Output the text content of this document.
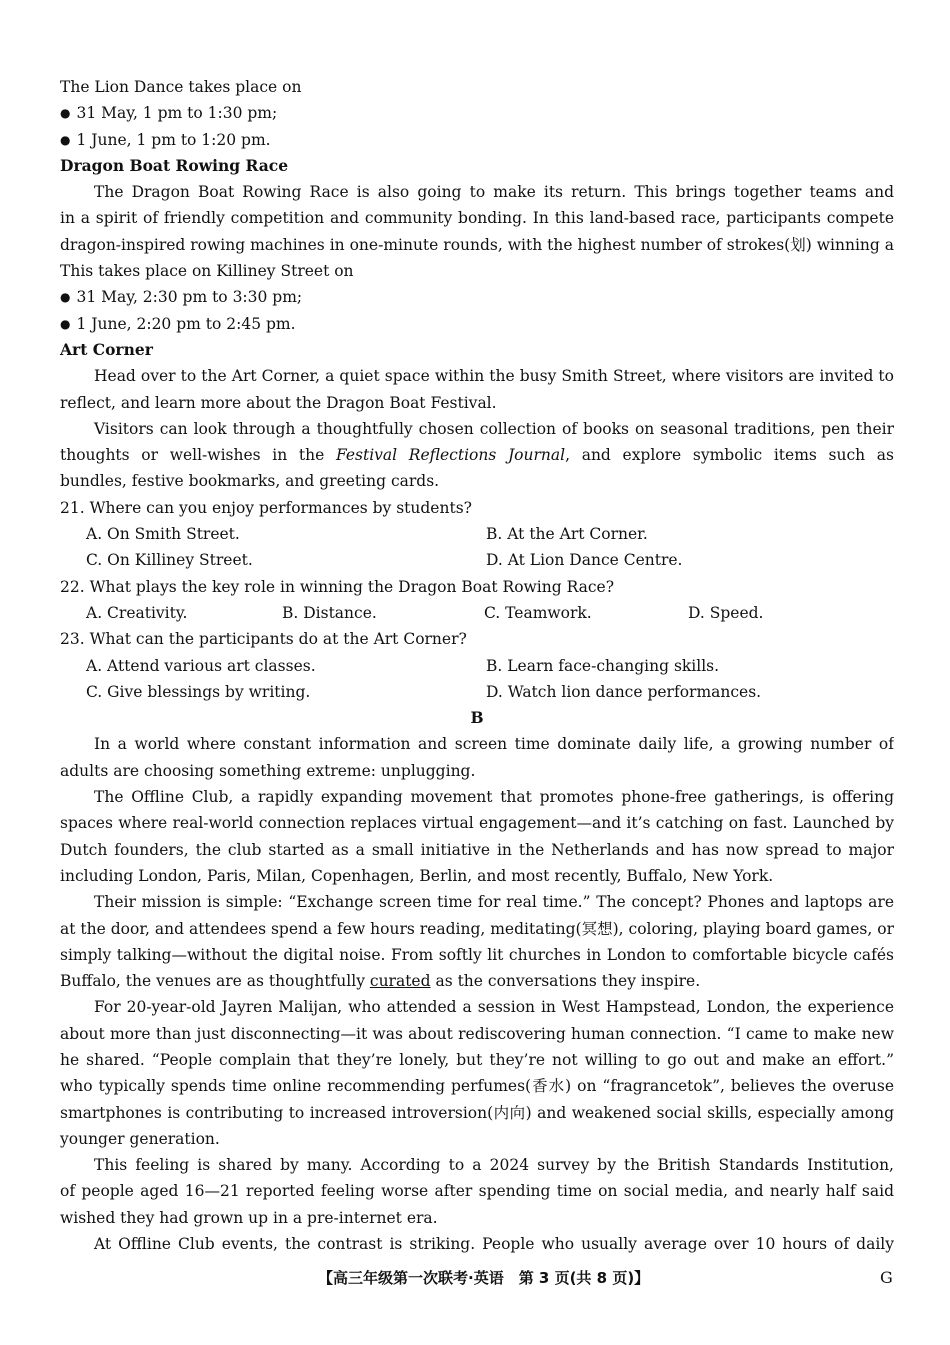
The Lion Dance takes place on
● 31 May, 1 pm to 1:30 pm;
● 1 June, 1 pm to 1:20 pm.
Dragon Boat Rowing Race
The Dragon Boat Rowing Race is also going to make its return. This brings together teams and
in a spirit of friendly competition and community bonding. In this land-based race, participants compete
dragon-inspired rowing machines in one-minute rounds, with the highest number of strokes(划) winning a
This takes place on Killiney Street on
● 31 May, 2:30 pm to 3:30 pm;
● 1 June, 2:20 pm to 2:45 pm.
Art Corner
Head over to the Art Corner, a quiet space within the busy Smith Street, where visitors are invited to
reflect, and learn more about the Dragon Boat Festival.
Visitors can look through a thoughtfully chosen collection of books on seasonal traditions, pen their
thoughts or well-wishes in the Festival Reflections Journal, and explore symbolic items such as
bundles, festive bookmarks, and greeting cards.
21. Where can you enjoy performances by students?
A. On Smith Street.	B. At the Art Corner.
C. On Killiney Street.	D. At Lion Dance Centre.
22. What plays the key role in winning the Dragon Boat Rowing Race?
A. Creativity.	B. Distance.	C. Teamwork.	D. Speed.
23. What can the participants do at the Art Corner?
A. Attend various art classes.	B. Learn face-changing skills.
C. Give blessings by writing.	D. Watch lion dance performances.
B
In a world where constant information and screen time dominate daily life, a growing number of
adults are choosing something extreme: unplugging.
The Offline Club, a rapidly expanding movement that promotes phone-free gatherings, is offering
spaces where real-world connection replaces virtual engagement—and it’s catching on fast. Launched by
Dutch founders, the club started as a small initiative in the Netherlands and has now spread to major
including London, Paris, Milan, Copenhagen, Berlin, and most recently, Buffalo, New York.
Their mission is simple: “Exchange screen time for real time.” The concept? Phones and laptops are
at the door, and attendees spend a few hours reading, meditating(冥想), coloring, playing board games, or
simply talking—without the digital noise. From softly lit churches in London to comfortable bicycle cafés
Buffalo, the venues are as thoughtfully curated as the conversations they inspire.
For 20-year-old Jayren Malijan, who attended a session in West Hampstead, London, the experience
about more than just disconnecting—it was about rediscovering human connection. “I came to make new
he shared. “People complain that they’re lonely, but they’re not willing to go out and make an effort.”
who typically spends time online recommending perfumes(香水) on “fragrancetok”, believes the overuse
smartphones is contributing to increased introversion(内向) and weakened social skills, especially among
younger generation.
This feeling is shared by many. According to a 2024 survey by the British Standards Institution,
of people aged 16—21 reported feeling worse after spending time on social media, and nearly half said
wished they had grown up in a pre-internet era.
At Offline Club events, the contrast is striking. People who usually average over 10 hours of daily
【高三年级第一次联考·英语　第 3 页(共 8 页)】	G
